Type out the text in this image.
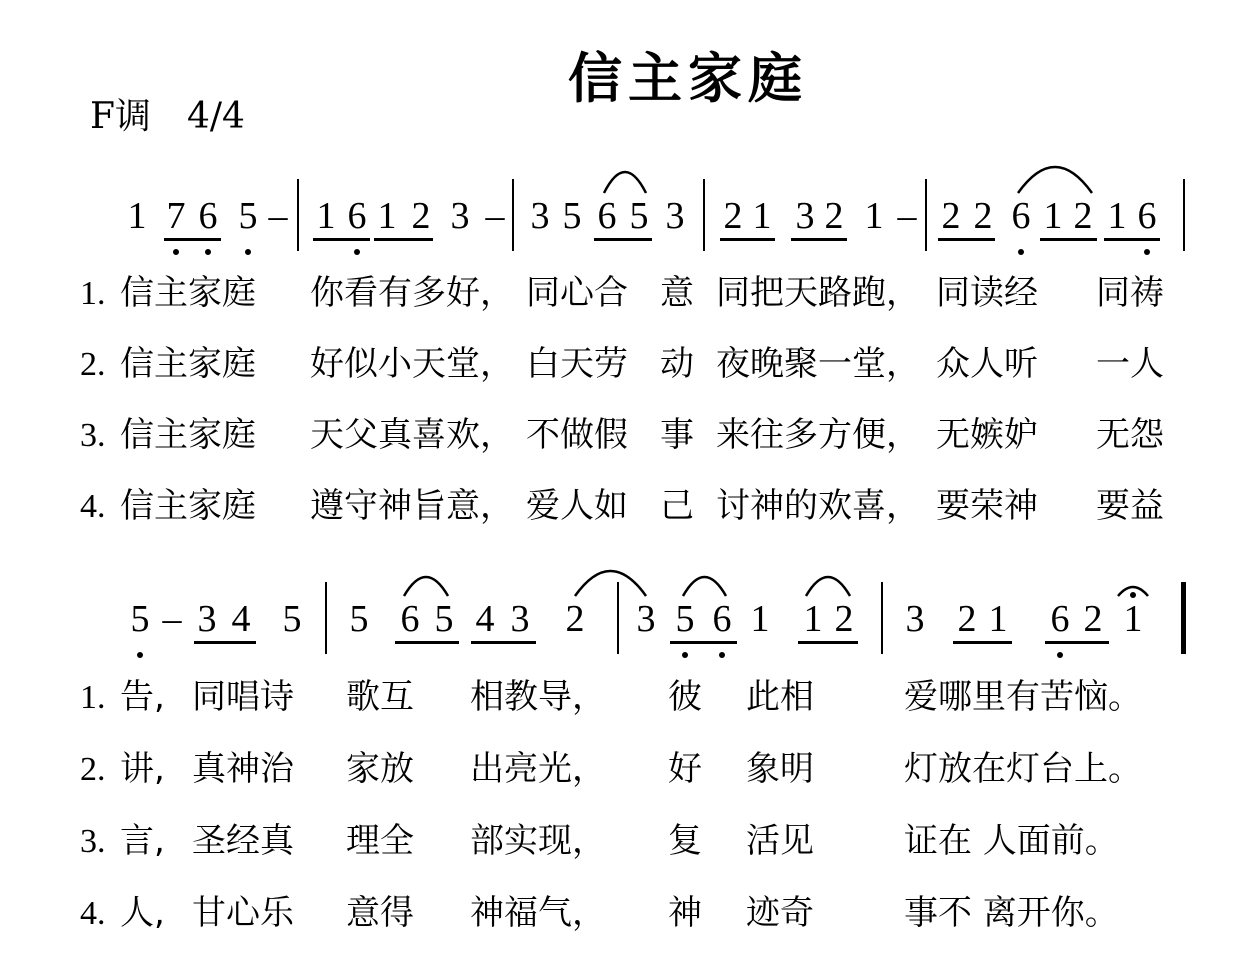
信主家庭
F调 4/4
1 7 6 5 – 1 6 1 2 3 – 3 5 6 5 3 2 1 3 2 1 – 2 2 6 1 2 1 6
1. 信主家庭 你看有多好， 同心合 意 同把天路跑， 同读经 同祷
2. 信主家庭 好似小天堂， 白天劳 动 夜晚聚一堂， 众人听 一人
3. 信主家庭 天父真喜欢， 不做假 事 来往多方便， 无嫉妒 无怨
4. 信主家庭 遵守神旨意， 爱人如 己 讨神的欢喜， 要荣神 要益
5 – 3 4 5 5 6 5 4 3 2 3 5 6 1 1 2 3 2 1 6 2 1
1. 告, 同唱诗 歌互 相教导， 彼 此相	爱哪里有苦恼。
2. 讲, 真神治 家放 出亮光， 好 象明	灯放在灯台上。
3. 言, 圣经真 理全 部实现， 复 活见	证在 人面前。
4. 人, 甘心乐 意得 神福气， 神 迹奇	事不 离开你。
